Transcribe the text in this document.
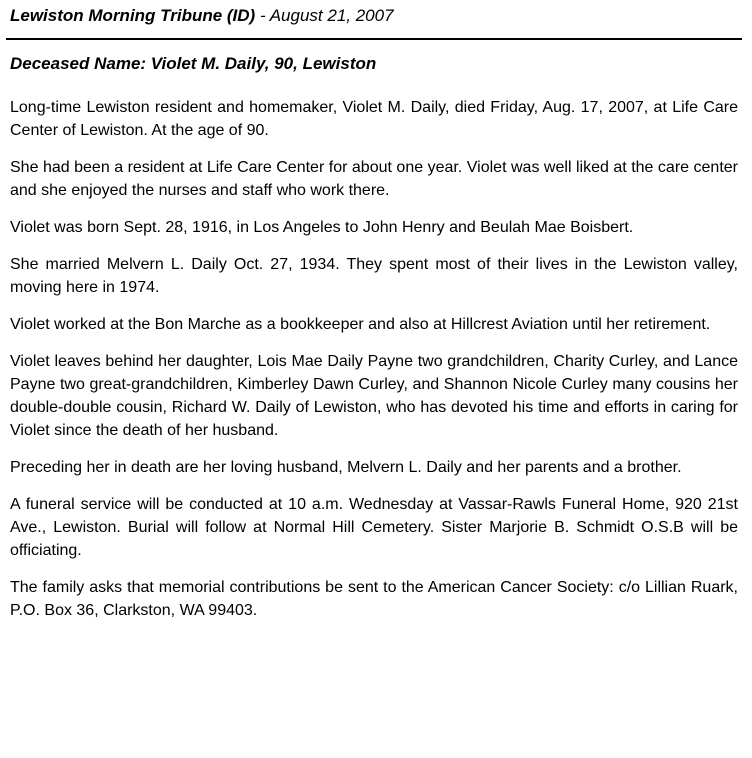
Lewiston Morning Tribune (ID) - August 21, 2007
Deceased Name: Violet M. Daily, 90, Lewiston

Long-time Lewiston resident and homemaker, Violet M. Daily, died Friday, Aug. 17, 2007, at Life Care Center of Lewiston. At the age of 90.

She had been a resident at Life Care Center for about one year. Violet was well liked at the care center and she enjoyed the nurses and staff who work there.

Violet was born Sept. 28, 1916, in Los Angeles to John Henry and Beulah Mae Boisbert.

She married Melvern L. Daily Oct. 27, 1934. They spent most of their lives in the Lewiston valley, moving here in 1974.

Violet worked at the Bon Marche as a bookkeeper and also at Hillcrest Aviation until her retirement.

Violet leaves behind her daughter, Lois Mae Daily Payne two grandchildren, Charity Curley, and Lance Payne two great-grandchildren, Kimberley Dawn Curley, and Shannon Nicole Curley many cousins her double-double cousin, Richard W. Daily of Lewiston, who has devoted his time and efforts in caring for Violet since the death of her husband.

Preceding her in death are her loving husband, Melvern L. Daily and her parents and a brother.

A funeral service will be conducted at 10 a.m. Wednesday at Vassar-Rawls Funeral Home, 920 21st Ave., Lewiston. Burial will follow at Normal Hill Cemetery. Sister Marjorie B. Schmidt O.S.B will be officiating.

The family asks that memorial contributions be sent to the American Cancer Society: c/o Lillian Ruark, P.O. Box 36, Clarkston, WA 99403.
